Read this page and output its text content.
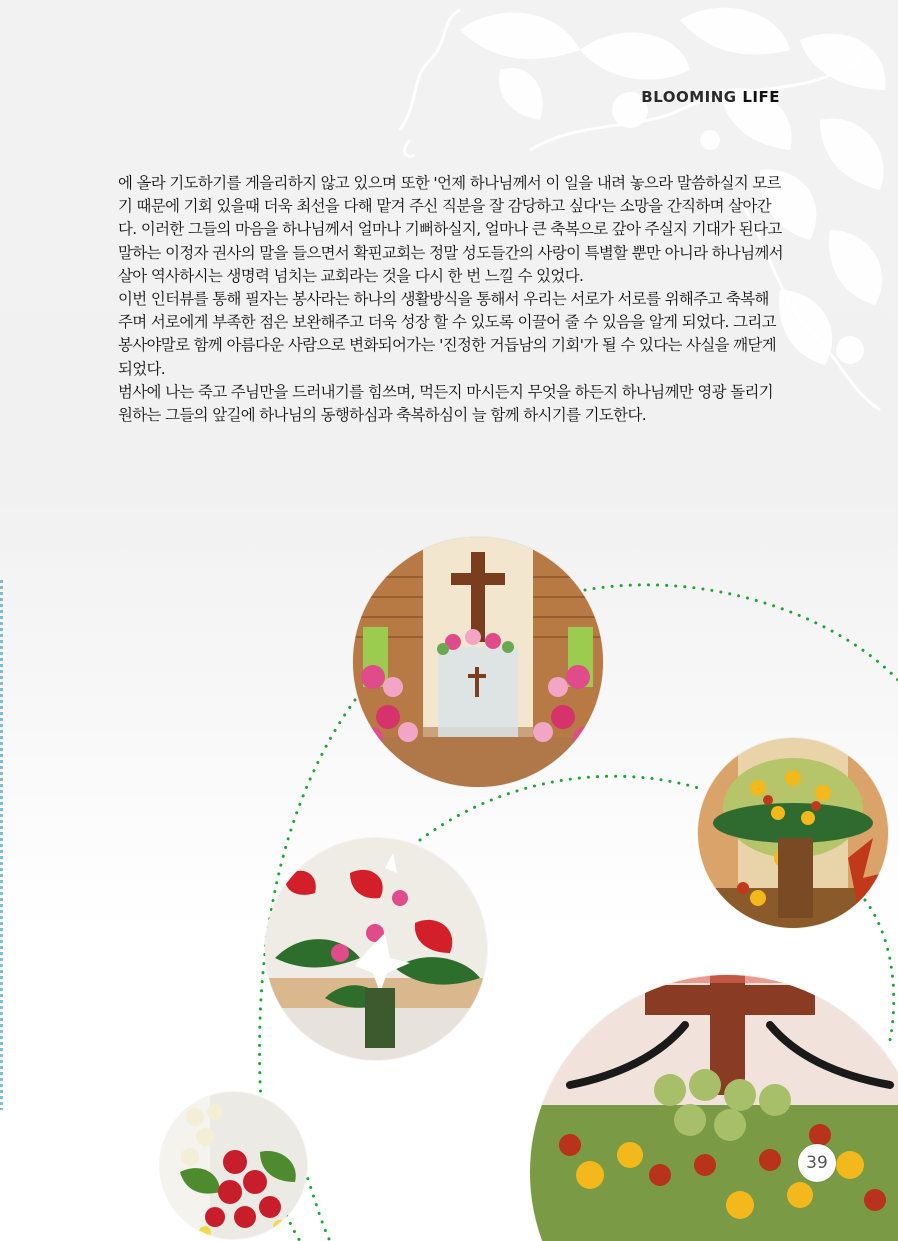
BLOOMING LIFE

에 올라 기도하기를 게을리하지 않고 있으며 또한 '언제 하나님께서 이 일을 내려 놓으라 말씀하실지 모르기 때문에 기회 있을때 더욱 최선을 다해 맡겨 주신 직분을 잘 감당하고 싶다'는 소망을 간직하며 살아간다. 이러한 그들의 마음을 하나님께서 얼마나 기뻐하실지, 얼마나 큰 축복으로 갚아 주실지 기대가 된다고 말하는 이정자 권사의 말을 들으면서 확핀교회는 정말 성도들간의 사랑이 특별할 뿐만 아니라 하나님께서 살아 역사하시는 생명력 넘치는 교회라는 것을 다시 한 번 느낄 수 있었다.

이번 인터뷰를 통해 필자는 봉사라는 하나의 생활방식을 통해서 우리는 서로가 서로를 위해주고 축복해 주며 서로에게 부족한 점은 보완해주고 더욱 성장 할 수 있도록 이끌어 줄 수 있음을 알게 되었다. 그리고 봉사야말로 함께 아름다운 사람으로 변화되어가는 '진정한 거듭남의 기회'가 될 수 있다는 사실을 깨닫게 되었다.

범사에 나는 죽고 주님만을 드러내기를 힘쓰며, 먹든지 마시든지 무엇을 하든지 하나님께만 영광 돌리기 원하는 그들의 앞길에 하나님의 동행하심과 축복하심이 늘 함께 하시기를 기도한다.

39
